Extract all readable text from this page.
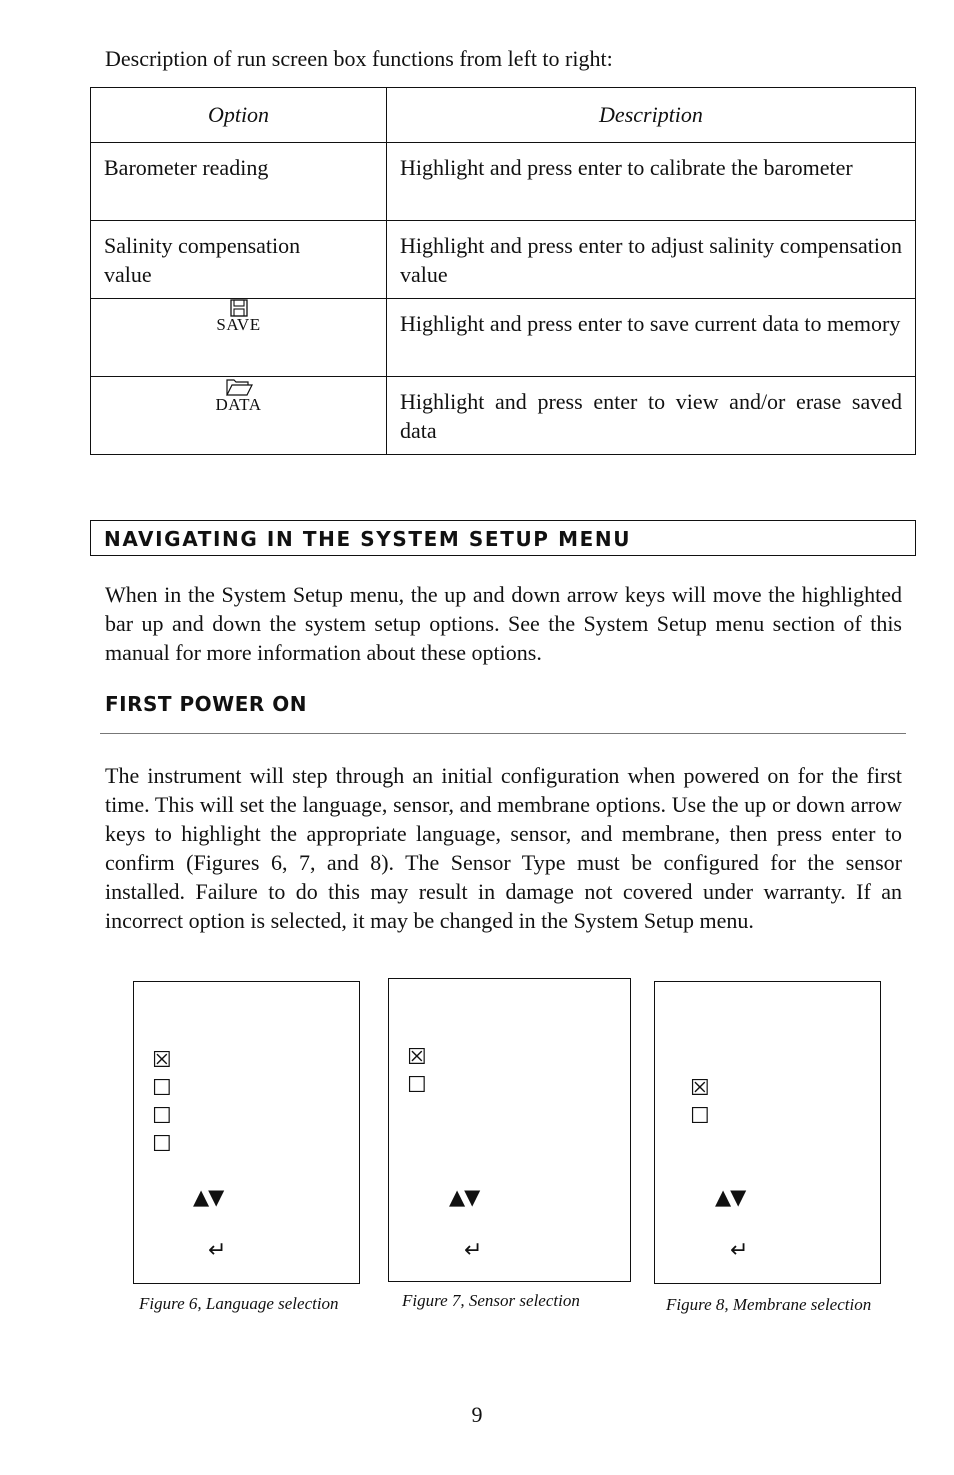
Description of run screen box functions from left to right:
Option	Description

Barometer reading	Highlight and press enter to calibrate the barometer

Salinity compensation value	Highlight and press enter to adjust salinity compensation value

SAVE	Highlight and press enter to save current data to memory

DATA	Highlight and press enter to view and/or erase saved data
NAVIGATING IN THE SYSTEM SETUP MENU

When in the System Setup menu, the up and down arrow keys will move the highlighted bar up and down the system setup options. See the System Setup menu section of this manual for more information about these options.

FIRST POWER ON

The instrument will step through an initial configuration when powered on for the first time. This will set the language, sensor, and membrane options. Use the up or down arrow keys to highlight the appropriate language, sensor, and membrane, then press enter to confirm (Figures 6, 7, and 8). The Sensor Type must be configured for the sensor installed. Failure to do this may result in damage not covered under warranty. If an incorrect option is selected, it may be changed in the System Setup menu.

☒
☐
☐
☐
▲▼
↵
Figure 6, Language selection
☒
☐
▲▼
↵
Figure 7, Sensor selection
☒
☐
▲▼
↵
Figure 8, Membrane selection
9
